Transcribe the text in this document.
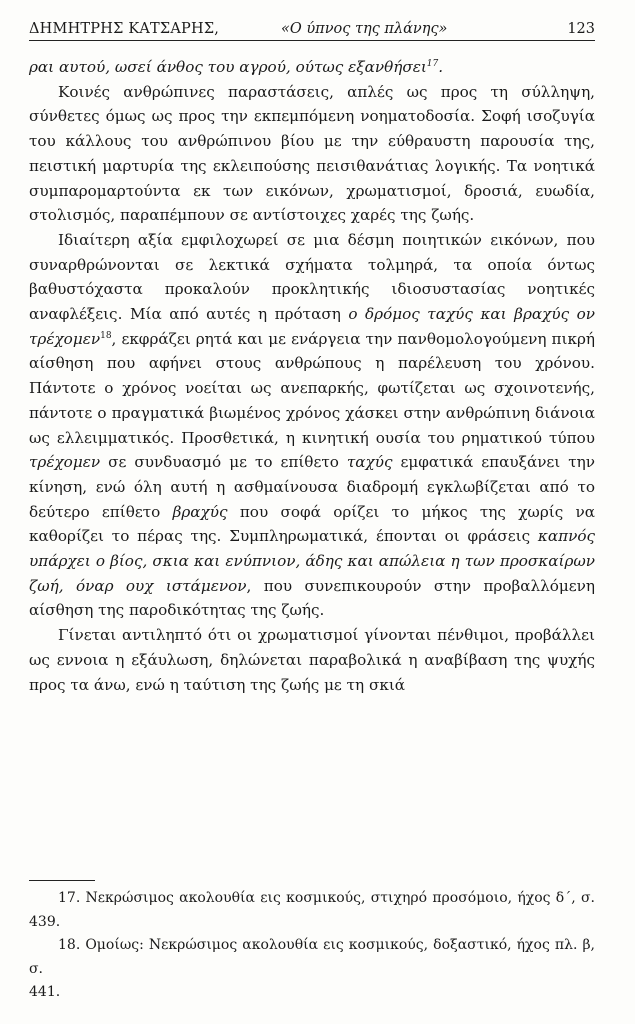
ΔΗΜΗΤΡΗΣ ΚΑΤΣΑΡΗΣ,	«Ο ύπνος της πλάνης»	123

ραι αυτού, ωσεί άνθος του αγρού, ούτως εξανθήσει$^{17}$.

Κοινές ανθρώπινες παραστάσεις, απλές ως προς τη σύλληψη, σύνθετες όμως ως προς την εκπεμπόμενη νοηματοδοσία. Σοφή ισοζυγία του κάλλους του ανθρώπινου βίου με την εύθραυστη παρουσία της, πειστική μαρτυρία της εκλειπούσης πεισιθανάτιας λογικής. Τα νοητικά συμπαρομαρτούντα εκ των εικόνων, χρωματισμοί, δροσιά, ευωδία, στολισμός, παραπέμπουν σε αντίστοιχες χαρές της ζωής.

Ιδιαίτερη αξία εμφιλοχωρεί σε μια δέσμη ποιητικών εικόνων, που συναρθρώνονται σε λεκτικά σχήματα τολμηρά, τα οποία όντως βαθυστόχαστα προκαλούν προκλητικής ιδιοσυστασίας νοητικές αναφλέξεις. Μία από αυτές η πρόταση ο δρόμος ταχύς και βραχύς ον τρέχομεν$^{18}$, εκφράζει ρητά και με ενάργεια την πανθομολογούμενη πικρή αίσθηση που αφήνει στους ανθρώπους η παρέλευση του χρόνου. Πάντοτε ο χρόνος νοείται ως ανεπαρκής, φωτίζεται ως σχοινοτενής, πάντοτε ο πραγματικά βιωμένος χρόνος χάσκει στην ανθρώπινη διάνοια ως ελλειμματικός. Προσθετικά, η κινητική ουσία του ρηματικού τύπου τρέχομεν σε συνδυασμό με το επίθετο ταχύς εμφατικά επαυξάνει την κίνηση, ενώ όλη αυτή η ασθμαίνουσα διαδρομή εγκλωβίζεται από το δεύτερο επίθετο βραχύς που σοφά ορίζει το μήκος της χωρίς να καθορίζει το πέρας της. Συμπληρωματικά, έπονται οι φράσεις καπνός υπάρχει ο βίος, σκια και ενύπνιον, άδης και απώλεια η των προσκαίρων ζωή, όναρ ουχ ιστάμενον, που συνεπικουρούν στην προβαλλόμενη αίσθηση της παροδικότητας της ζωής.

Γίνεται αντιληπτό ότι οι χρωματισμοί γίνονται πένθιμοι, προβάλλει ως εννοια η εξάυλωση, δηλώνεται παραβολικά η αναβίβαση της ψυχής προς τα άνω, ενώ η ταύτιση της ζωής με τη σκιά

17. Νεκρώσιμος ακολουθία εις κοσμικούς, στιχηρό προσόμοιο, ήχος δ΄, σ. 439.
18. Ομοίως: Νεκρώσιμος ακολουθία εις κοσμικούς, δοξαστικό, ήχος πλ. β, σ.
441.
